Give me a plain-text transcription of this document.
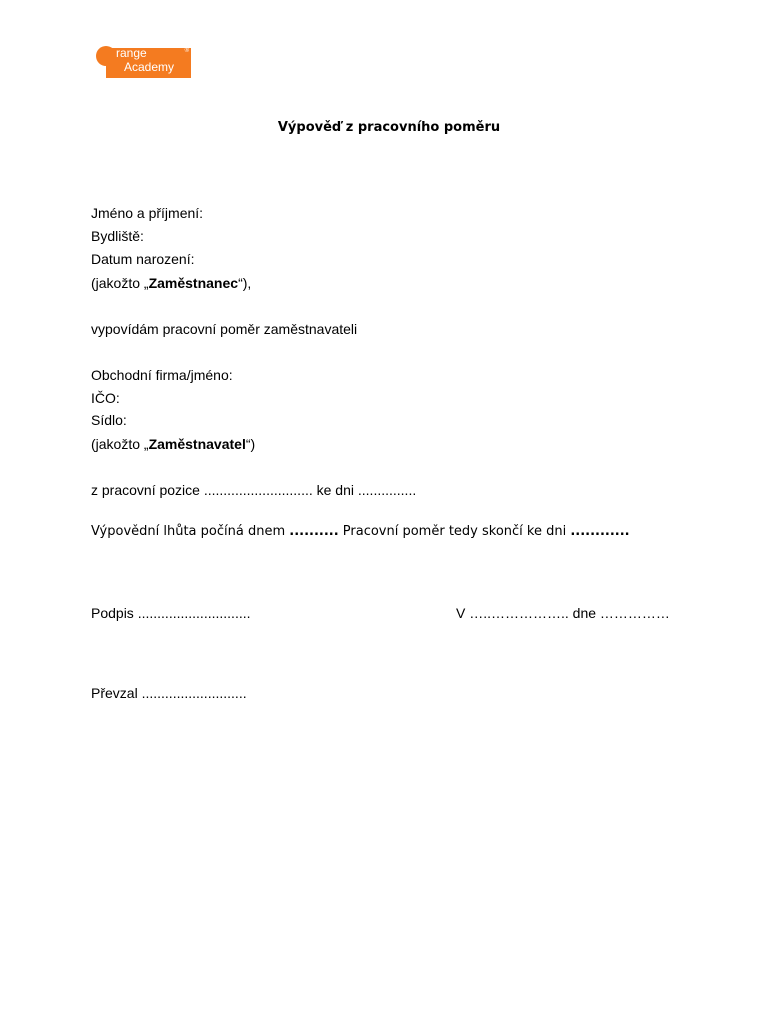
range
Academy
®
Výpověď z pracovního poměru
Jméno a příjmení:
Bydliště:
Datum narození:
(jakožto „Zaměstnanec“),
vypovídám pracovní poměr zaměstnavateli
Obchodní firma/jméno:
IČO:
Sídlo:
(jakožto „Zaměstnavatel“)
z pracovní pozice ............................ ke dni ...............
Výpovědní lhůta počíná dnem .......... Pracovní poměr tedy skončí ke dni ............
Podpis .............................	V …..…………….. dne ……………
Převzal ...........................
